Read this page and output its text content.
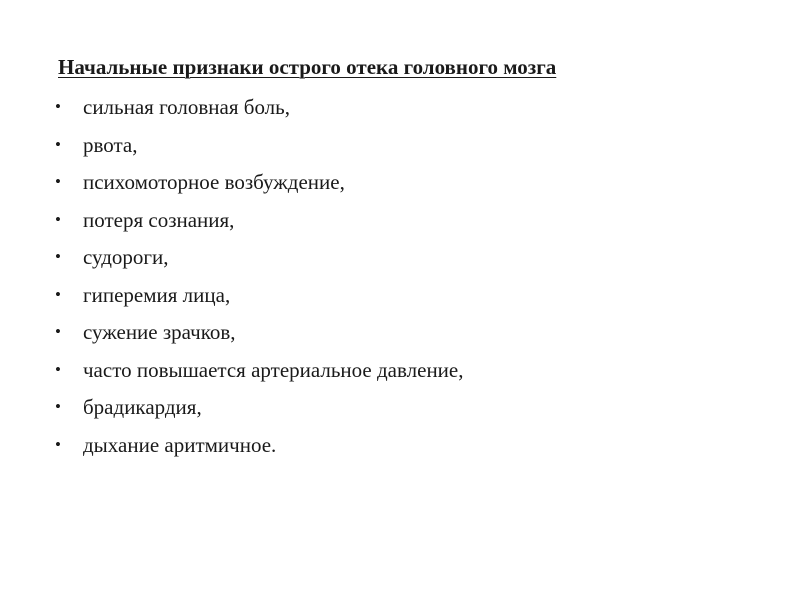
Начальные признаки острого отека головного мозга
• сильная головная боль,
• рвота,
• психомоторное возбуждение,
• потеря сознания,
• судороги,
• гиперемия лица,
• сужение зрачков,
• часто повышается артериальное давление,
• брадикардия,
• дыхание аритмичное.
